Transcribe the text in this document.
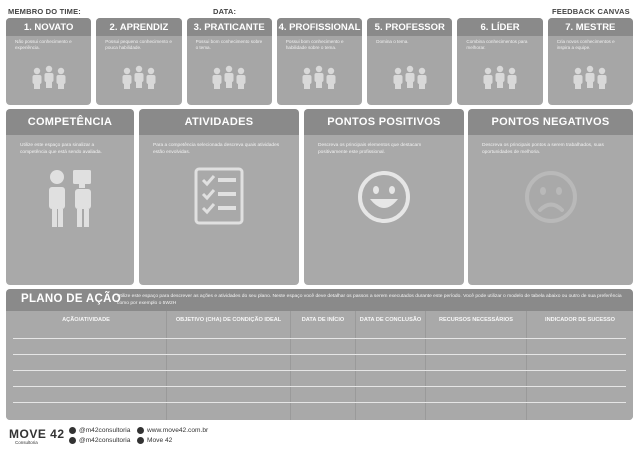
MEMBRO DO TIME:	DATA:	FEEDBACK CANVAS
1. NOVATO
Não possui conhecimento e experiência.
2. APRENDIZ
Possui pequeno conhecimento e pouca habilidade.
3. PRATICANTE
Possui bom conhecimento sobre o tema.
4. PROFISSIONAL
Possui bom conhecimento e habilidade sobre o tema.
5. PROFESSOR
Domina o tema.
6. LÍDER
Combina conhecimentos para melhorar.
7. MESTRE
Cria novos conhecimentos e inspira a equipe.
COMPETÊNCIA
Utilize este espaço para sinalizar a competência que está sendo avaliada.
ATIVIDADES
Para a competência selecionada descreva quais atividades estão envolvidas.
PONTOS POSITIVOS
Descreva os principais elementos que destacam positivamente este profissional.
PONTOS NEGATIVOS
Descreva os principais pontos a serem trabalhados, suas oportunidades de melhoria.
PLANO DE AÇÃO
Utilize este espaço para descrever as ações e atividades do seu plano. Neste espaço você deve detalhar os passos a serem executados durante este período. Você pode utilizar o modelo de tabela abaixo ou outro de sua preferência como por exemplo o 5W2H
AÇÃO/ATIVIDADE	OBJETIVO (CHA) DE CONDIÇÃO IDEAL	DATA DE INÍCIO	DATA DE CONCLUSÃO	RECURSOS NECESSÁRIOS	INDICADOR DE SUCESSO
MOVE 42
Consultoria
@m42consultoria
@m42consultoria
www.move42.com.br
Move 42
